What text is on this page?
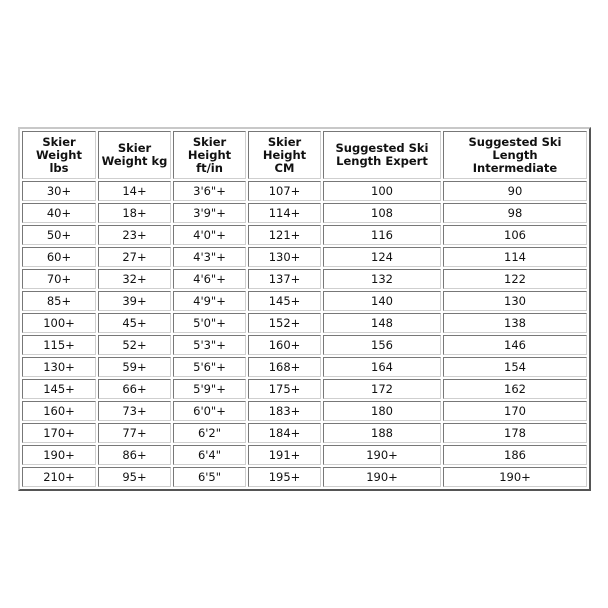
Skier
Weight lbs	Skier
Weight kg	Skier
Height
ft/in	Skier
Height CM	Suggested Ski
Length Expert	Suggested Ski Length
Intermediate
30+	14+	3'6"+	107+	100	90
40+	18+	3'9"+	114+	108	98
50+	23+	4'0"+	121+	116	106
60+	27+	4'3"+	130+	124	114
70+	32+	4'6"+	137+	132	122
85+	39+	4'9"+	145+	140	130
100+	45+	5'0"+	152+	148	138
115+	52+	5'3"+	160+	156	146
130+	59+	5'6"+	168+	164	154
145+	66+	5'9"+	175+	172	162
160+	73+	6'0"+	183+	180	170
170+	77+	6'2"	184+	188	178
190+	86+	6'4"	191+	190+	186
210+	95+	6'5"	195+	190+	190+
